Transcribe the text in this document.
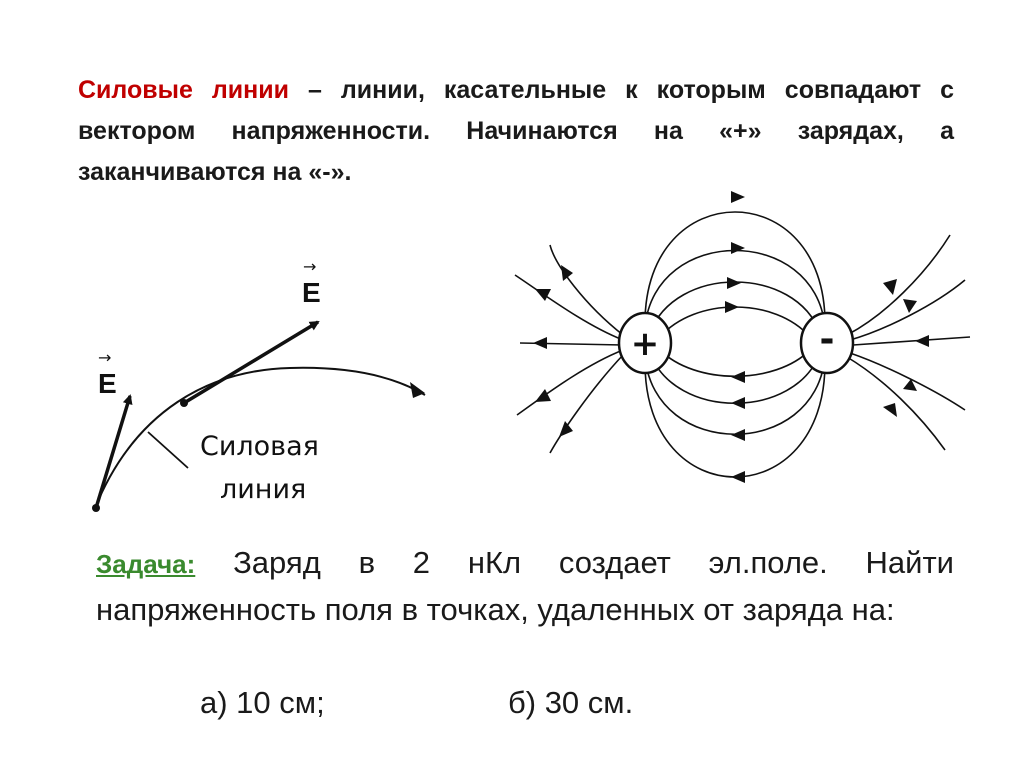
Силовые линии – линии, касательные к которым совпадают с вектором напряженности. Начинаются на «+» зарядах, а заканчиваются на «-».
E
→
E
→
Силовая
линия
+	-
Задача: Заряд в 2 нКл создает эл.поле. Найти напряженность поля в точках, удаленных от заряда на:
а) 10 см;	б) 30 см.
